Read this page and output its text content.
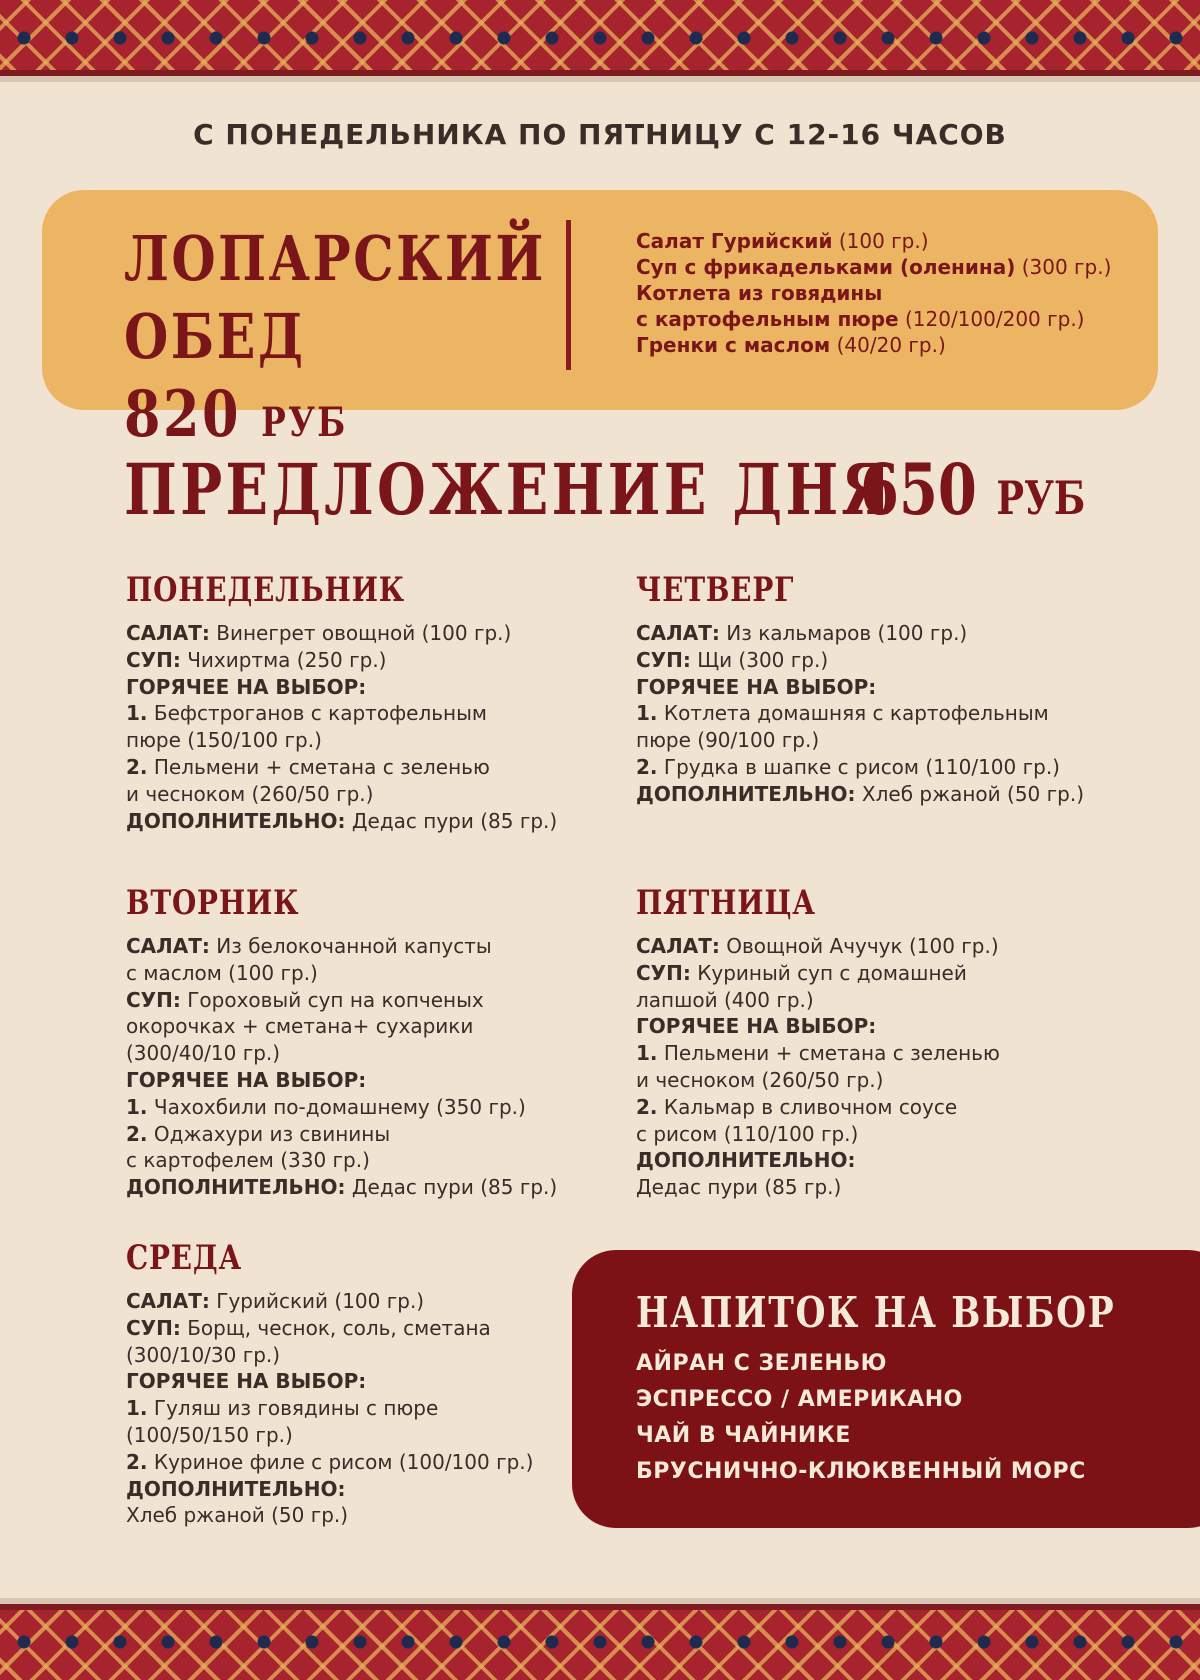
С ПОНЕДЕЛЬНИКА ПО ПЯТНИЦУ С 12-16 ЧАСОВ
ЛОПАРСКИЙ
ОБЕД  820 РУБ
Салат Гурийский (100 гр.)
Суп с фрикадельками (оленина) (300 гр.)
Котлета из говядины
с картофельным пюре (120/100/200 гр.)
Гренки с маслом (40/20 гр.)
ПРЕДЛОЖЕНИЕ ДНЯ
650 РУБ
ПОНЕДЕЛЬНИК
САЛАТ: Винегрет овощной (100 гр.)
СУП: Чихиртма (250 гр.)
ГОРЯЧЕЕ НА ВЫБОР:
1. Бефстроганов с картофельным
пюре (150/100 гр.)
2. Пельмени + сметана с зеленью
и чесноком (260/50 гр.)
ДОПОЛНИТЕЛЬНО: Дедас пури (85 гр.)
ВТОРНИК
САЛАТ: Из белокочанной капусты
с маслом (100 гр.)
СУП: Гороховый суп на копченых
окорочках + сметана+ сухарики
(300/40/10 гр.)
ГОРЯЧЕЕ НА ВЫБОР:
1. Чахохбили по-домашнему (350 гр.)
2. Оджахури из свинины
с картофелем (330 гр.)
ДОПОЛНИТЕЛЬНО: Дедас пури (85 гр.)
СРЕДА
САЛАТ: Гурийский (100 гр.)
СУП: Борщ, чеснок, соль, сметана
(300/10/30 гр.)
ГОРЯЧЕЕ НА ВЫБОР:
1. Гуляш из говядины с пюре
(100/50/150 гр.)
2. Куриное филе с рисом (100/100 гр.)
ДОПОЛНИТЕЛЬНО:
Хлеб ржаной (50 гр.)
ЧЕТВЕРГ
САЛАТ: Из кальмаров (100 гр.)
СУП: Щи (300 гр.)
ГОРЯЧЕЕ НА ВЫБОР:
1. Котлета домашняя с картофельным
пюре (90/100 гр.)
2. Грудка в шапке с рисом (110/100 гр.)
ДОПОЛНИТЕЛЬНО: Хлеб ржаной (50 гр.)
ПЯТНИЦА
САЛАТ: Овощной Ачучук (100 гр.)
СУП: Куриный суп с домашней
лапшой (400 гр.)
ГОРЯЧЕЕ НА ВЫБОР:
1. Пельмени + сметана с зеленью
и чесноком (260/50 гр.)
2. Кальмар в сливочном соусе
с рисом (110/100 гр.)
ДОПОЛНИТЕЛЬНО:
Дедас пури (85 гр.)
НАПИТОК НА ВЫБОР
АЙРАН С ЗЕЛЕНЬЮ
ЭСПРЕССО / АМЕРИКАНО
ЧАЙ В ЧАЙНИКЕ
БРУСНИЧНО-КЛЮКВЕННЫЙ МОРС
